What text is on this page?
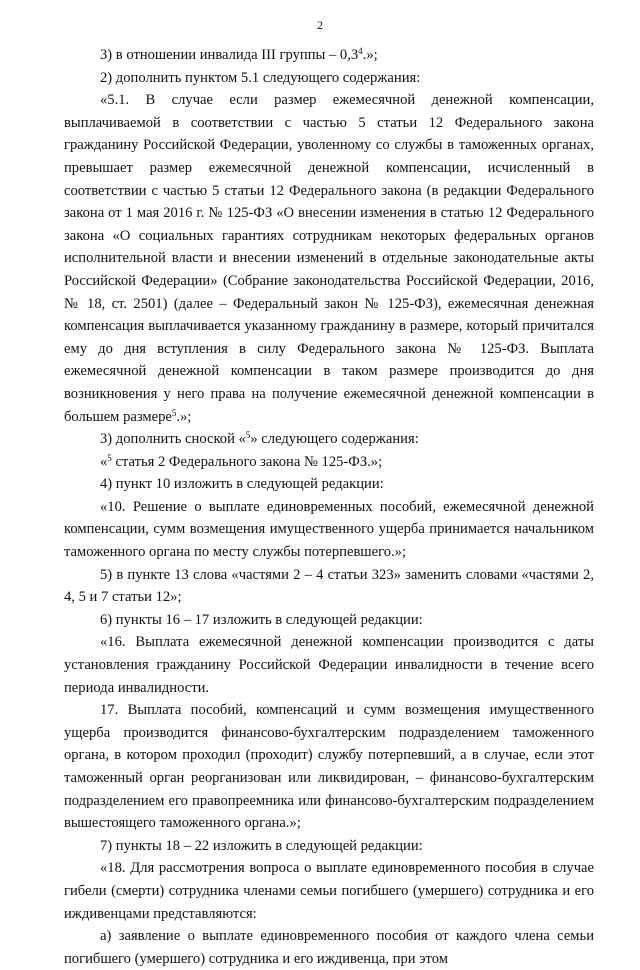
2

3) в отношении инвалида III группы – $0,3^4$.»;

2) дополнить пунктом 5.1 следующего содержания:

«5.1. В случае если размер ежемесячной денежной компенсации, выплачиваемой в соответствии с частью 5 статьи 12 Федерального закона гражданину Российской Федерации, уволенному со службы в таможенных органах, превышает размер ежемесячной денежной компенсации, исчисленный в соответствии с частью 5 статьи 12 Федерального закона (в редакции Федерального закона от 1 мая 2016 г. № 125-ФЗ «О внесении изменения в статью 12 Федерального закона «О социальных гарантиях сотрудникам некоторых федеральных органов исполнительной власти и внесении изменений в отдельные законодательные акты Российской Федерации» (Собрание законодательства Российской Федерации, 2016, № 18, ст. 2501) (далее – Федеральный закон № 125-ФЗ), ежемесячная денежная компенсация выплачивается указанному гражданину в размере, который причитался ему до дня вступления в силу Федерального закона № 125-ФЗ. Выплата ежемесячной денежной компенсации в таком размере производится до дня возникновения у него права на получение ежемесячной денежной компенсации в большем размере$^5$.»;

3) дополнить сноской «$^5$» следующего содержания:

«$^5$ статья 2 Федерального закона № 125-ФЗ.»;

4) пункт 10 изложить в следующей редакции:

«10. Решение о выплате единовременных пособий, ежемесячной денежной компенсации, сумм возмещения имущественного ущерба принимается начальником таможенного органа по месту службы потерпевшего.»;

5) в пункте 13 слова «частями 2 – 4 статьи 323» заменить словами «частями 2, 4, 5 и 7 статьи 12»;

6) пункты 16 – 17 изложить в следующей редакции:

«16. Выплата ежемесячной денежной компенсации производится с даты установления гражданину Российской Федерации инвалидности в течение всего периода инвалидности.

17. Выплата пособий, компенсаций и сумм возмещения имущественного ущерба производится финансово-бухгалтерским подразделением таможенного органа, в котором проходил (проходит) службу потерпевший, а в случае, если этот таможенный орган реорганизован или ликвидирован, – финансово-бухгалтерским подразделением его правопреемника или финансово-бухгалтерским подразделением вышестоящего таможенного органа.»;

7) пункты 18 – 22 изложить в следующей редакции:

«18. Для рассмотрения вопроса о выплате единовременного пособия в случае гибели (смерти) сотрудника членами семьи погибшего (умершего) сотрудника и его иждивенцами представляются:

а) заявление о выплате единовременного пособия от каждого члена семьи погибшего (умершего) сотрудника и его иждивенца, при этом
